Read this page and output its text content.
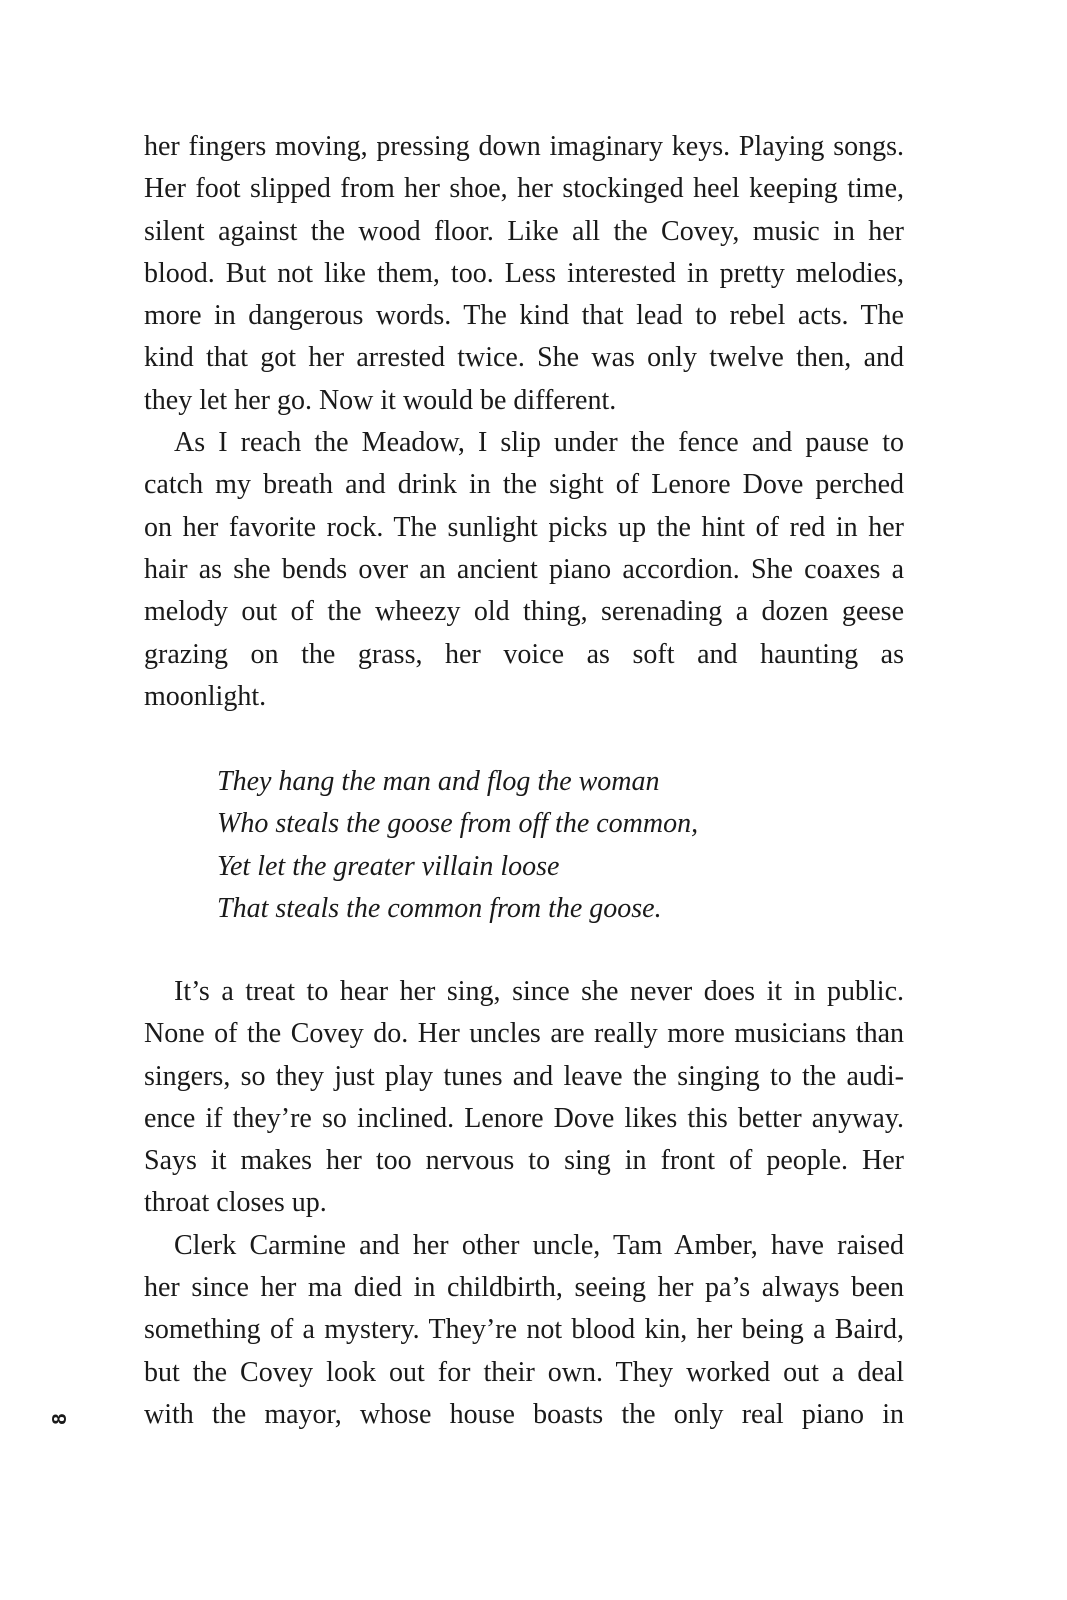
her fingers moving, pressing down imaginary keys. Playing songs.
Her foot slipped from her shoe, her stockinged heel keeping time,
silent against the wood floor. Like all the Covey, music in her
blood. But not like them, too. Less interested in pretty melodies,
more in dangerous words. The kind that lead to rebel acts. The
kind that got her arrested twice. She was only twelve then, and
they let her go. Now it would be different.
As I reach the Meadow, I slip under the fence and pause to
catch my breath and drink in the sight of Lenore Dove perched
on her favorite rock. The sunlight picks up the hint of red in her
hair as she bends over an ancient piano accordion. She coaxes a
melody out of the wheezy old thing, serenading a dozen geese
grazing on the grass, her voice as soft and haunting as
moonlight.
They hang the man and flog the woman
Who steals the goose from off the common,
Yet let the greater villain loose
That steals the common from the goose.
It’s a treat to hear her sing, since she never does it in public.
None of the Covey do. Her uncles are really more musicians than
singers, so they just play tunes and leave the singing to the audi-
ence if they’re so inclined. Lenore Dove likes this better anyway.
Says it makes her too nervous to sing in front of people. Her
throat closes up.
Clerk Carmine and her other uncle, Tam Amber, have raised
her since her ma died in childbirth, seeing her pa’s always been
something of a mystery. They’re not blood kin, her being a Baird,
but the Covey look out for their own. They worked out a deal
with the mayor, whose house boasts the only real piano in
8
